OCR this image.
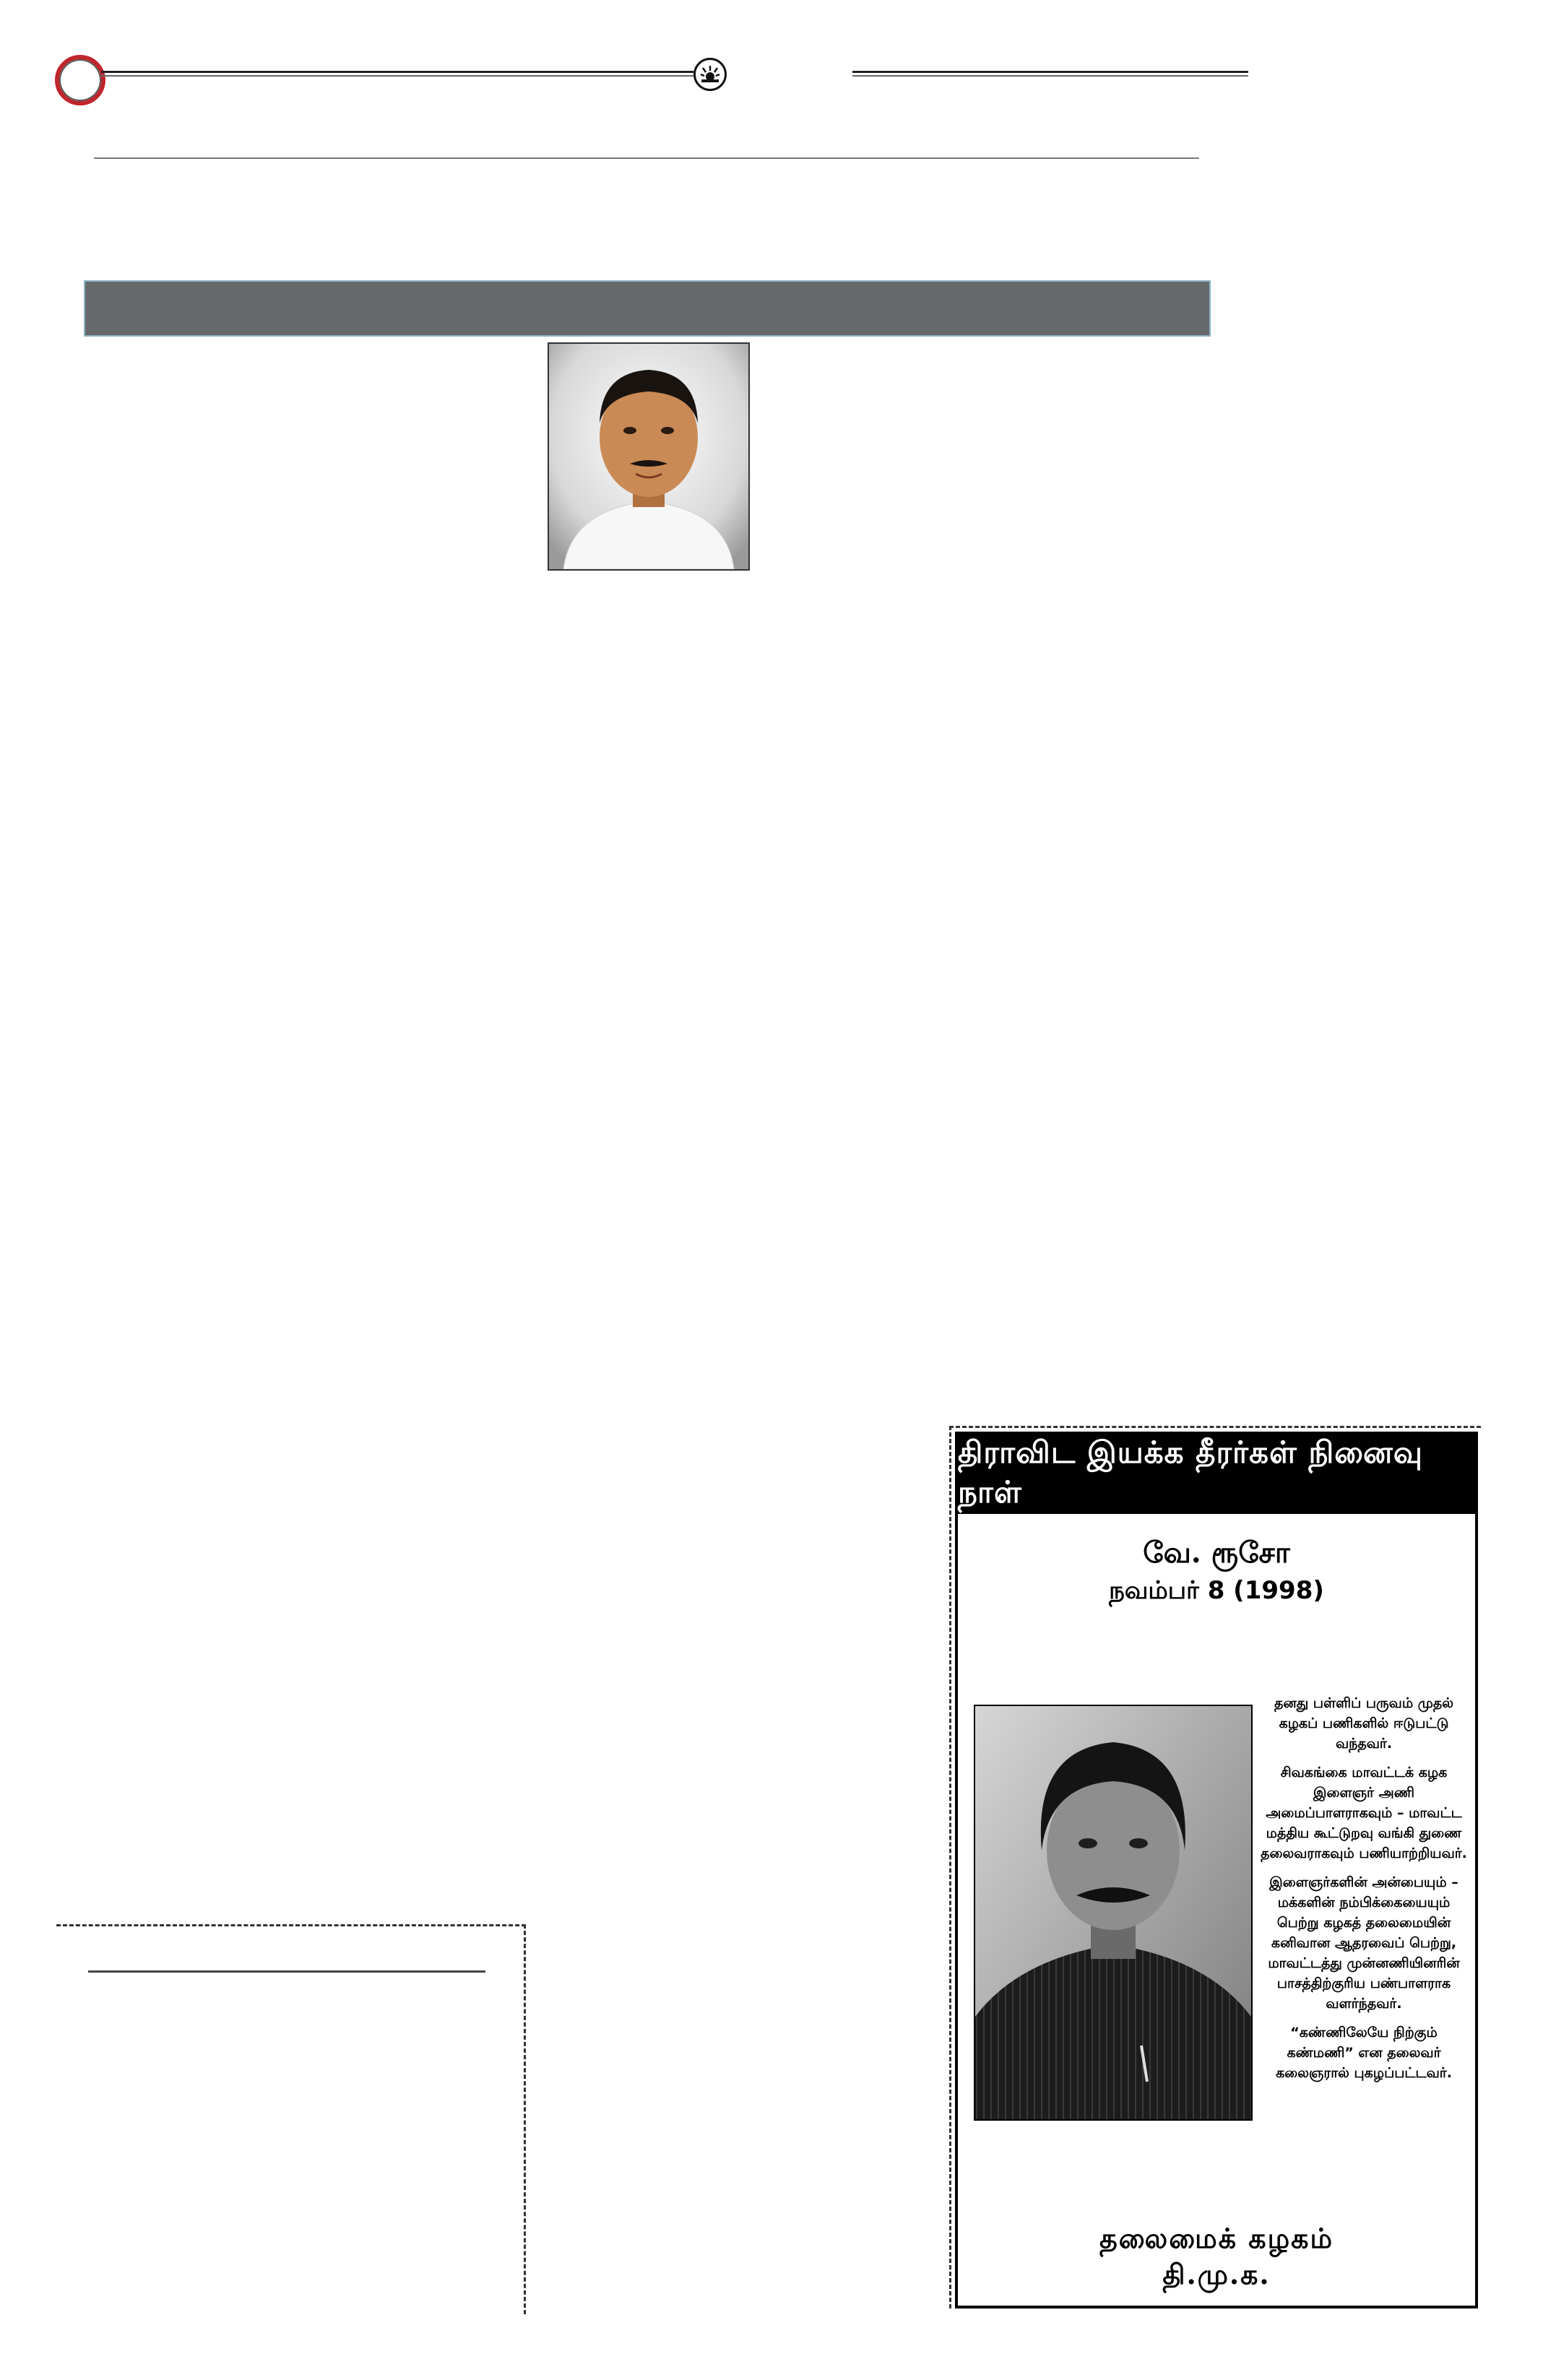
திராவிட இயக்க தீரர்கள் நினைவு நாள்
வே. ரூசோ
நவம்பர் 8 (1998)

தனது பள்ளிப் பருவம் முதல் கழகப் பணிகளில் ஈடுபட்டு வந்தவர்.

சிவகங்கை மாவட்டக் கழக இளைஞர் அணி அமைப்பாளராகவும் – மாவட்ட மத்திய கூட்டுறவு வங்கி துணை தலைவராகவும் பணியாற்றியவர்.

இளைஞர்களின் அன்பையும் – மக்களின் நம்பிக்கையையும் பெற்று கழகத் தலைமையின் கனிவான ஆதரவைப் பெற்று, மாவட்டத்து முன்னணியினரின் பாசத்திற்குரிய பண்பாளராக வளர்ந்தவர்.

“கண்ணிலேயே நிற்கும் கண்மணி” என தலைவர் கலைஞரால் புகழப்பட்டவர்.

தலைமைக் கழகம்
தி.மு.க.
